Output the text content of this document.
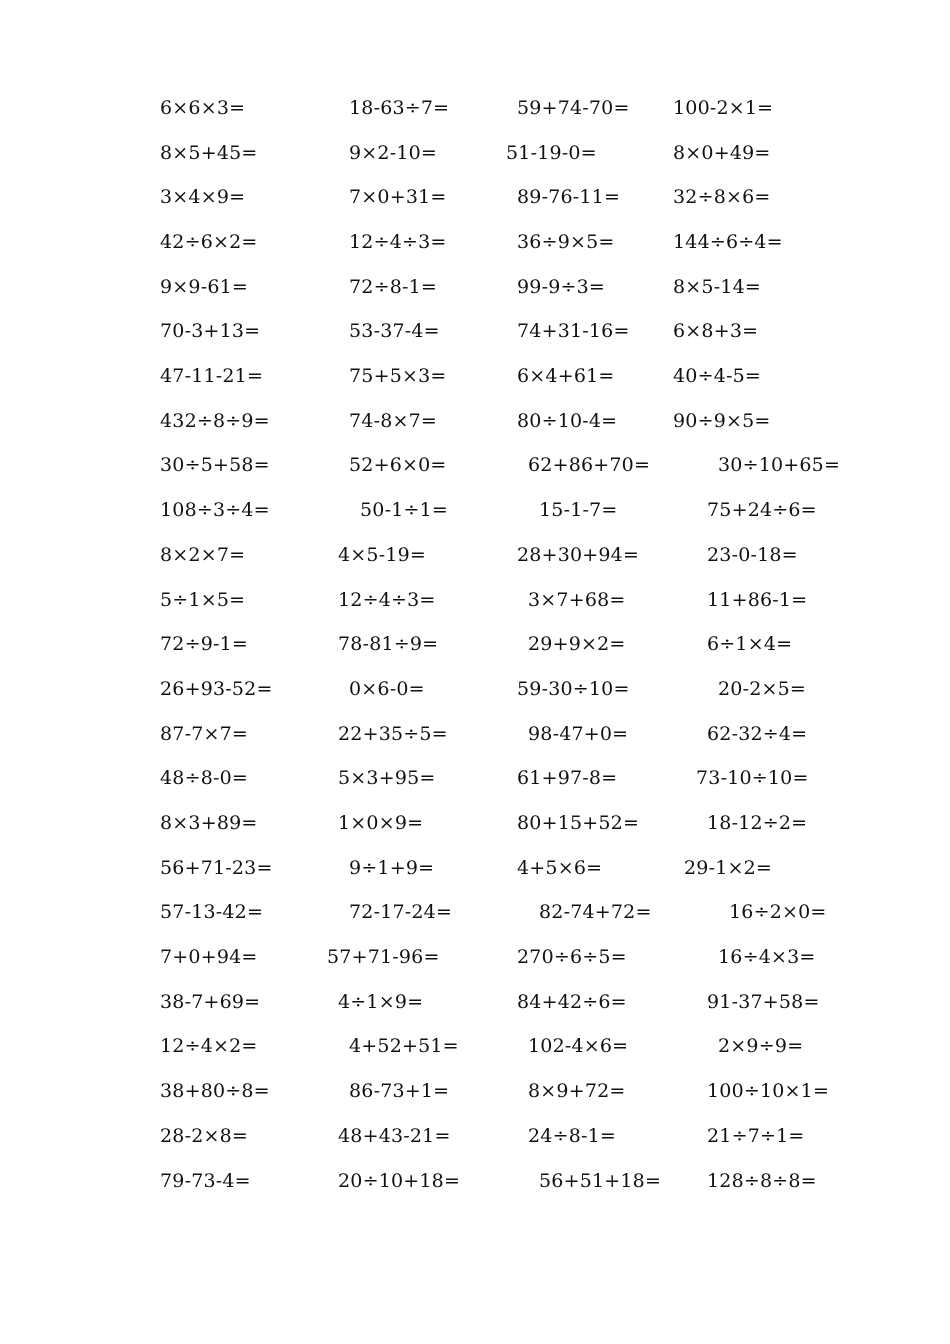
6×6×3=	18-63÷7=	59+74-70= 100-2×1=
8×5+45=	9×2-10=	51-19-0=	8×0+49=
3×4×9=	7×0+31=	89-76-11=	32÷8×6=
42÷6×2=	12÷4÷3=	36÷9×5=	144÷6÷4=
9×9-61=	72÷8-1=	99-9÷3=	8×5-14=
70-3+13=	53-37-4=	74+31-16= 6×8+3=
47-11-21=	75+5×3=	6×4+61=	40÷4-5=
432÷8÷9=	74-8×7=	80÷10-4=	90÷9×5=
30÷5+58=	52+6×0=	62+86+70=	30÷10+65=
108÷3÷4=	50-1÷1=	15-1-7=	75+24÷6=
8×2×7=	4×5-19=	28+30+94=	23-0-18=
5÷1×5=	12÷4÷3=	3×7+68=	11+86-1=
72÷9-1=	78-81÷9=	29+9×2=	6÷1×4=
26+93-52=	0×6-0=	59-30÷10=	20-2×5=
87-7×7=	22+35÷5=	98-47+0=	62-32÷4=
48÷8-0=	5×3+95=	61+97-8=	73-10÷10=
8×3+89=	1×0×9=	80+15+52=	18-12÷2=
56+71-23=	9÷1+9=	4+5×6=	29-1×2=
57-13-42=	72-17-24=	82-74+72=	16÷2×0=
7+0+94=	57+71-96=	270÷6÷5=	16÷4×3=
38-7+69=	4÷1×9=	84+42÷6=	91-37+58=
12÷4×2=	4+52+51=	102-4×6=	2×9÷9=
38+80÷8=	86-73+1=	8×9+72=	100÷10×1=
28-2×8=	48+43-21=	24÷8-1=	21÷7÷1=
79-73-4=	20÷10+18=	56+51+18= 128÷8÷8=
